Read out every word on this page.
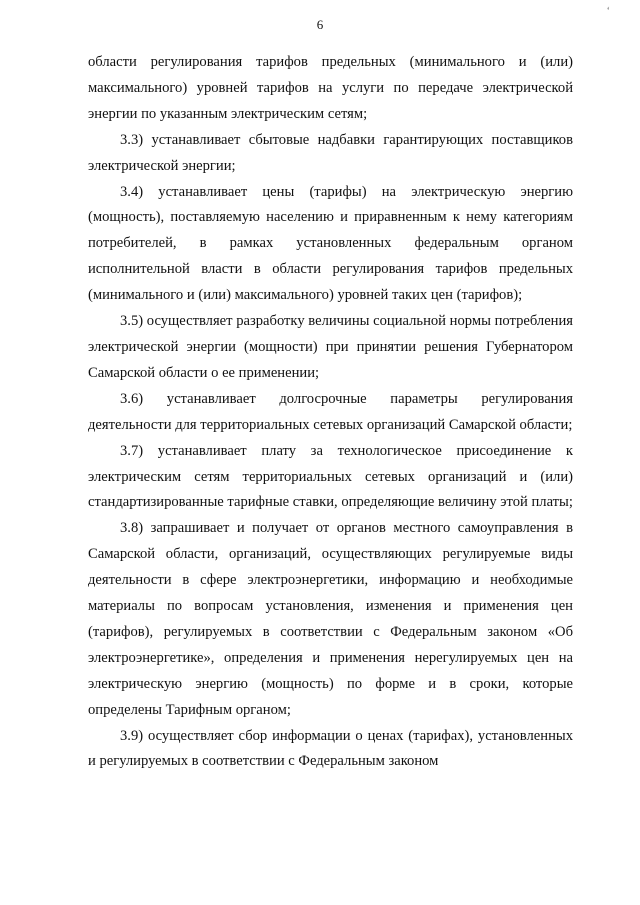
‘
6

области регулирования тарифов предельных (минимального и (или) максимального) уровней тарифов на услуги по передаче электрической энергии по указанным электрическим сетям;

3.3) устанавливает сбытовые надбавки гарантирующих поставщиков электрической энергии;

3.4) устанавливает цены (тарифы) на электрическую энергию (мощность), поставляемую населению и приравненным к нему категориям потребителей, в рамках установленных федеральным органом исполнительной власти в области регулирования тарифов предельных (минимального и (или) максимального) уровней таких цен (тарифов);

3.5) осуществляет разработку величины социальной нормы потребления электрической энергии (мощности) при принятии решения Губернатором Самарской области о ее применении;

3.6) устанавливает долгосрочные параметры регулирования деятельности для территориальных сетевых организаций Самарской области;

3.7) устанавливает плату за технологическое присоединение к электрическим сетям территориальных сетевых организаций и (или) стандартизированные тарифные ставки, определяющие величину этой платы;

3.8) запрашивает и получает от органов местного самоуправления в Самарской области, организаций, осуществляющих регулируемые виды деятельности в сфере электроэнергетики, информацию и необходимые материалы по вопросам установления, изменения и применения цен (тарифов), регулируемых в соответствии с Федеральным законом «Об электроэнергетике», определения и применения нерегулируемых цен на электрическую энергию (мощность) по форме и в сроки, которые определены Тарифным органом;

3.9) осуществляет сбор информации о ценах (тарифах), установленных и регулируемых в соответствии с Федеральным законом
